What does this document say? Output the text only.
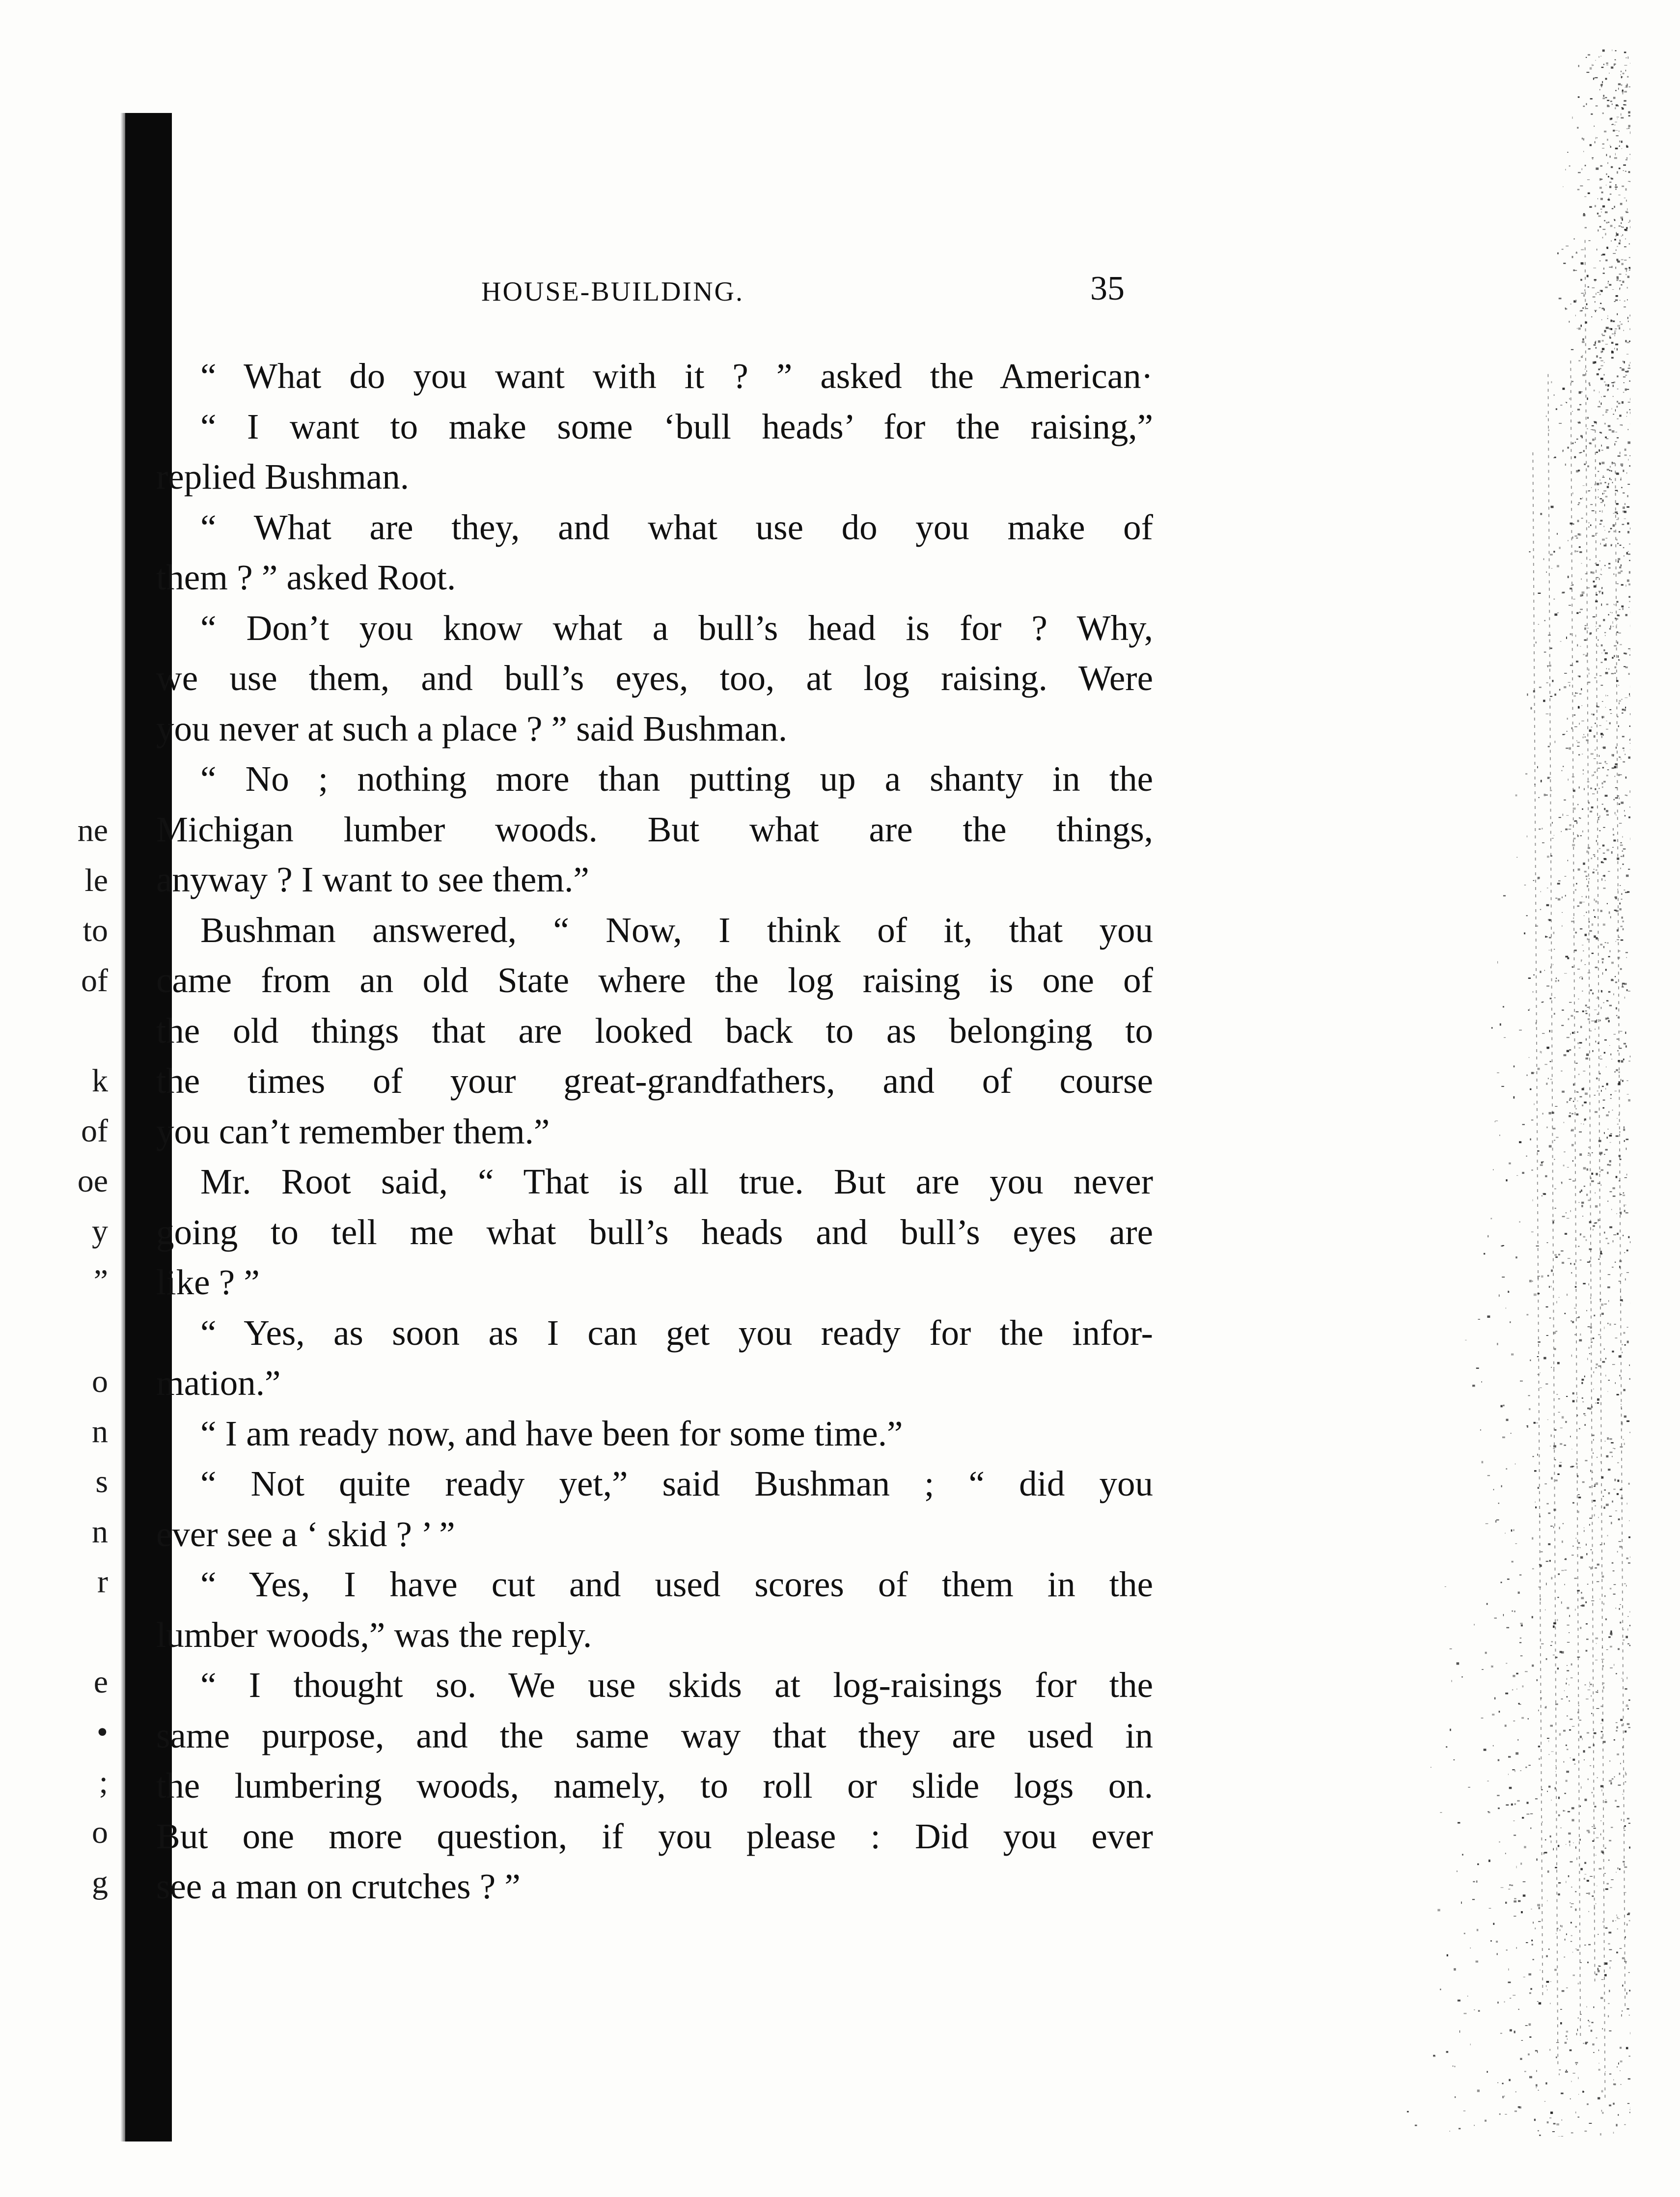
ne
le
to
of
k
of
oe
y
”
o
n
s
n
r
e
•
;
o
g
HOUSE-BUILDING.	35
“ What do you want with it ? ” asked the American·
“ I want to make some ‘bull heads’ for the raising,”
replied Bushman.
“ What are they, and what use do you make of
them ? ” asked Root.
“ Don’t you know what a bull’s head is for ? Why,
we use them, and bull’s eyes, too, at log raising. Were
you never at such a place ? ” said Bushman.
“ No ; nothing more than putting up a shanty in the
Michigan lumber woods. But what are the things,
anyway ? I want to see them.”
Bushman answered, “ Now, I think of it, that you
came from an old State where the log raising is one of
the old things that are looked back to as belonging to
the times of your great-grandfathers, and of course
you can’t remember them.”
Mr. Root said, “ That is all true. But are you never
going to tell me what bull’s heads and bull’s eyes are
like ? ”
“ Yes, as soon as I can get you ready for the infor-
mation.”
“ I am ready now, and have been for some time.”
“ Not quite ready yet,” said Bushman ; “ did you
ever see a ‘ skid ? ’ ”
“ Yes, I have cut and used scores of them in the
lumber woods,” was the reply.
“ I thought so. We use skids at log-raisings for the
same purpose, and the same way that they are used in
the lumbering woods, namely, to roll or slide logs on.
But one more question, if you please : Did you ever
see a man on crutches ? ”
